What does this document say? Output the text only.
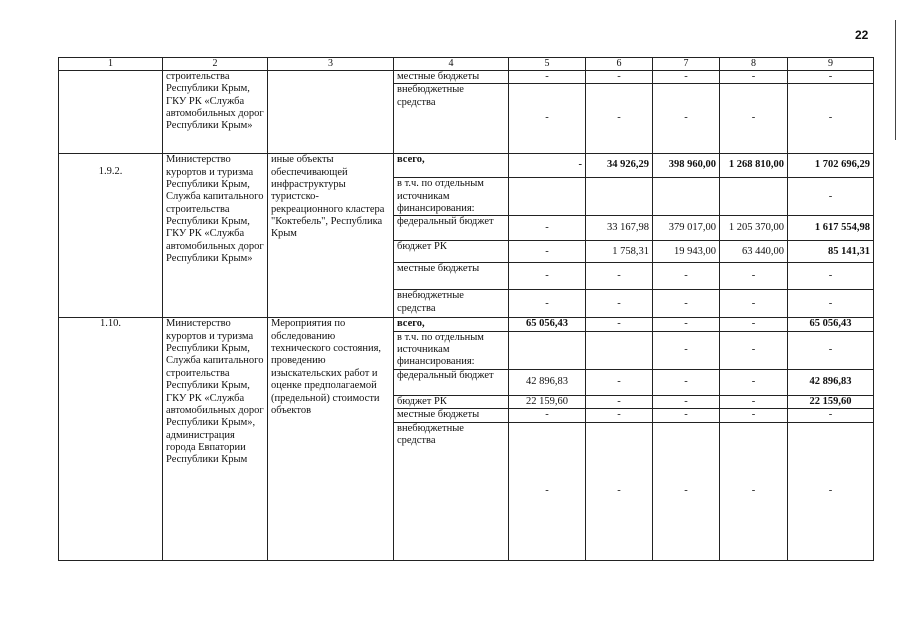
22
1	2	3	4	5	6	7	8	9
	строительства Республики Крым, ГКУ РК «Служба автомобильных дорог Республики Крым»		местные бюджеты	-	-	-	-	-
			внебюджетные средства	-	-	-	-	-
1.9.2.	Министерство курортов и туризма Республики Крым, Служба капитального строительства Республики Крым, ГКУ РК «Служба автомобильных дорог Республики Крым»	иные объекты обеспечивающей инфраструктуры туристско-рекреационного кластера "Коктебель", Республика Крым	всего,	-	34 926,29	398 960,00	1 268 810,00	1 702 696,29
			в т.ч. по отдельным источникам финансирования:					-
			федеральный бюджет	-	33 167,98	379 017,00	1 205 370,00	1 617 554,98
			бюджет РК	-	1 758,31	19 943,00	63 440,00	85 141,31
			местные бюджеты	-	-	-	-	-
			внебюджетные средства	-	-	-	-	-
1.10.	Министерство курортов и туризма Республики Крым, Служба капитального строительства Республики Крым, ГКУ РК «Служба автомобильных дорог Республики Крым», администрация города Евпатории Республики Крым	Мероприятия по обследованию технического состояния, проведению изыскательских работ и оценке предполагаемой (предельной) стоимости объектов	всего,	65 056,43	-	-	-	65 056,43
			в т.ч. по отдельным источникам финансирования:			-	-	-
			федеральный бюджет	42 896,83	-	-	-	42 896,83
			бюджет РК	22 159,60	-	-	-	22 159,60
			местные бюджеты	-	-	-	-	-
			внебюджетные средства	-	-	-	-	-
